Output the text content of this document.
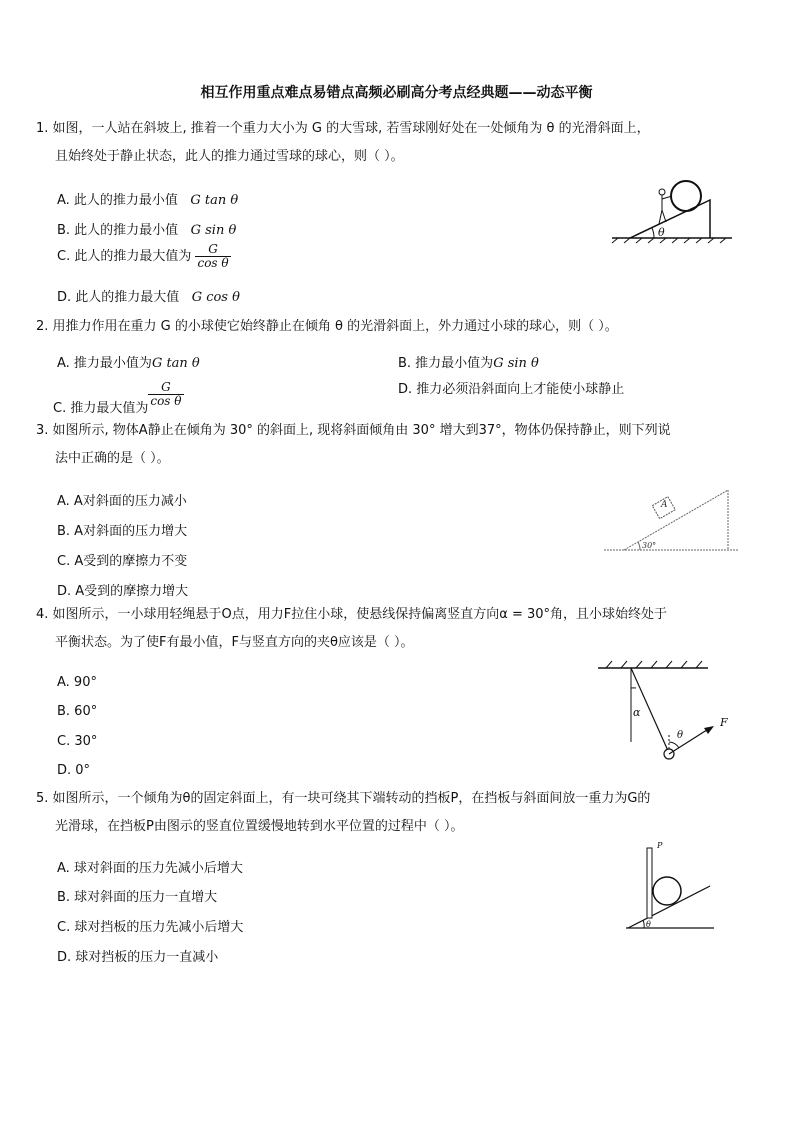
相互作用重点难点易错点高频必刷高分考点经典题——动态平衡
1. 如图，一人站在斜坡上, 推着一个重力大小为 G 的大雪球, 若雪球刚好处在一处倾角为 θ 的光滑斜面上，
且始终处于静止状态，此人的推力通过雪球的球心，则（ ）。
A. 此人的推力最小值 G tan θ
B. 此人的推力最小值 G sin θ
C. 此人的推力最大值为 $\frac{G}{\text{cos θ}}$
D. 此人的推力最大值 G cos θ
θ
2. 用推力作用在重力 G 的小球使它始终静止在倾角 θ 的光滑斜面上，外力通过小球的球心，则（ ）。
A. 推力最小值为G tan θ	B. 推力最小值为G sin θ
D. 推力必须沿斜面向上才能使小球静止
C. 推力最大值为
$\frac{G}{\text{cos θ}}$
3. 如图所示, 物体A静止在倾角为 30° 的斜面上, 现将斜面倾角由 30° 增大到37°，物体仍保持静止，则下列说
法中正确的是（ ）。
A. A对斜面的压力减小
B. A对斜面的压力增大
C. A受到的摩擦力不变
D. A受到的摩擦力增大
A
30°
4. 如图所示，一小球用轻绳悬于O点，用力F拉住小球，使悬线保持偏离竖直方向α = 30°角，且小球始终处于
平衡状态。为了使F有最小值，F与竖直方向的夹θ应该是（ ）。
A. 90°
B. 60°
C. 30°
D. 0°
α
θ
F
5. 如图所示，一个倾角为θ的固定斜面上，有一块可绕其下端转动的挡板P，在挡板与斜面间放一重力为G的
光滑球，在挡板P由图示的竖直位置缓慢地转到水平位置的过程中（ ）。
A. 球对斜面的压力先减小后增大
B. 球对斜面的压力一直增大
C. 球对挡板的压力先减小后增大
D. 球对挡板的压力一直减小
P
θ
